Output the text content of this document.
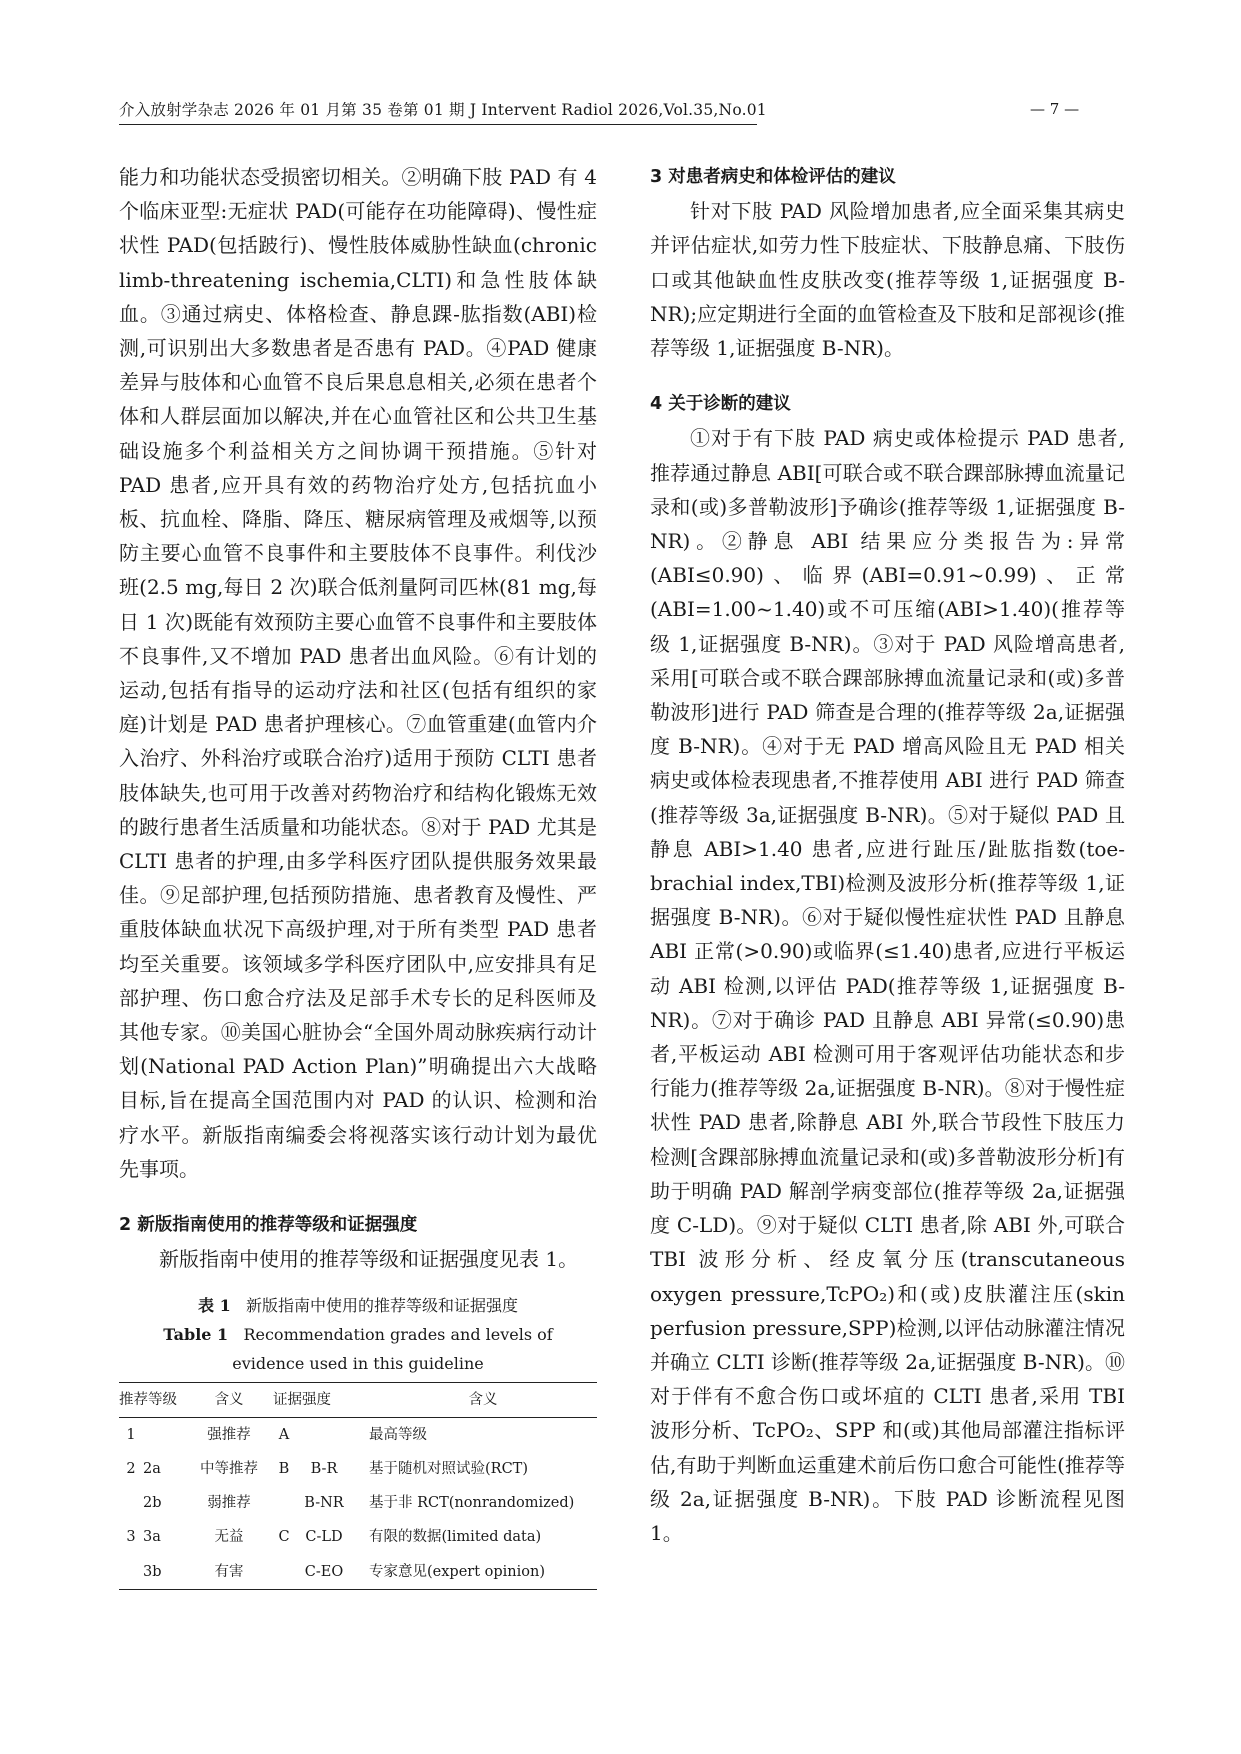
介入放射学杂志 2026 年 01 月第 35 卷第 01 期 J Intervent Radiol 2026,Vol.35,No.01	— 7 —

能力和功能状态受损密切相关。②明确下肢 PAD 有 4 个临床亚型:无症状 PAD(可能存在功能障碍)、慢性症状性 PAD(包括跛行)、慢性肢体威胁性缺血(chronic limb-threatening ischemia,CLTI)和急性肢体缺血。③通过病史、体格检查、静息踝-肱指数(ABI)检测,可识别出大多数患者是否患有 PAD。④PAD 健康差异与肢体和心血管不良后果息息相关,必须在患者个体和人群层面加以解决,并在心血管社区和公共卫生基础设施多个利益相关方之间协调干预措施。⑤针对 PAD 患者,应开具有效的药物治疗处方,包括抗血小板、抗血栓、降脂、降压、糖尿病管理及戒烟等,以预防主要心血管不良事件和主要肢体不良事件。利伐沙班(2.5 mg,每日 2 次)联合低剂量阿司匹林(81 mg,每日 1 次)既能有效预防主要心血管不良事件和主要肢体不良事件,又不增加 PAD 患者出血风险。⑥有计划的运动,包括有指导的运动疗法和社区(包括有组织的家庭)计划是 PAD 患者护理核心。⑦血管重建(血管内介入治疗、外科治疗或联合治疗)适用于预防 CLTI 患者肢体缺失,也可用于改善对药物治疗和结构化锻炼无效的跛行患者生活质量和功能状态。⑧对于 PAD 尤其是 CLTI 患者的护理,由多学科医疗团队提供服务效果最佳。⑨足部护理,包括预防措施、患者教育及慢性、严重肢体缺血状况下高级护理,对于所有类型 PAD 患者均至关重要。该领域多学科医疗团队中,应安排具有足部护理、伤口愈合疗法及足部手术专长的足科医师及其他专家。⑩美国心脏协会“全国外周动脉疾病行动计划(National PAD Action Plan)”明确提出六大战略目标,旨在提高全国范围内对 PAD 的认识、检测和治疗水平。新版指南编委会将视落实该行动计划为最优先事项。

2 新版指南使用的推荐等级和证据强度

新版指南中使用的推荐等级和证据强度见表 1。

表 1 新版指南中使用的推荐等级和证据强度
Table 1 Recommendation grades and levels of evidence used in this guideline
推荐等级		含义	证据强度		含义
1		强推荐	A		最高等级
2	2a	中等推荐	B	B-R	基于随机对照试验(RCT)
	2b	弱推荐		B-NR	基于非 RCT(nonrandomized)
3	3a	无益	C	C-LD	有限的数据(limited data)
	3b	有害		C-EO	专家意见(expert opinion)
3 对患者病史和体检评估的建议

针对下肢 PAD 风险增加患者,应全面采集其病史并评估症状,如劳力性下肢症状、下肢静息痛、下肢伤口或其他缺血性皮肤改变(推荐等级 1,证据强度 B-NR);应定期进行全面的血管检查及下肢和足部视诊(推荐等级 1,证据强度 B-NR)。

4 关于诊断的建议

①对于有下肢 PAD 病史或体检提示 PAD 患者,推荐通过静息 ABI[可联合或不联合踝部脉搏血流量记录和(或)多普勒波形]予确诊(推荐等级 1,证据强度 B-NR)。②静息 ABI 结果应分类报告为:异常(ABI≤0.90)、临界(ABI=0.91~0.99)、正常(ABI=1.00~1.40)或不可压缩(ABI>1.40)(推荐等级 1,证据强度 B-NR)。③对于 PAD 风险增高患者,采用[可联合或不联合踝部脉搏血流量记录和(或)多普勒波形]进行 PAD 筛查是合理的(推荐等级 2a,证据强度 B-NR)。④对于无 PAD 增高风险且无 PAD 相关病史或体检表现患者,不推荐使用 ABI 进行 PAD 筛查(推荐等级 3a,证据强度 B-NR)。⑤对于疑似 PAD 且静息 ABI>1.40 患者,应进行趾压/趾肱指数(toe-brachial index,TBI)检测及波形分析(推荐等级 1,证据强度 B-NR)。⑥对于疑似慢性症状性 PAD 且静息 ABI 正常(>0.90)或临界(≤1.40)患者,应进行平板运动 ABI 检测,以评估 PAD(推荐等级 1,证据强度 B-NR)。⑦对于确诊 PAD 且静息 ABI 异常(≤0.90)患者,平板运动 ABI 检测可用于客观评估功能状态和步行能力(推荐等级 2a,证据强度 B-NR)。⑧对于慢性症状性 PAD 患者,除静息 ABI 外,联合节段性下肢压力检测[含踝部脉搏血流量记录和(或)多普勒波形分析]有助于明确 PAD 解剖学病变部位(推荐等级 2a,证据强度 C-LD)。⑨对于疑似 CLTI 患者,除 ABI 外,可联合 TBI 波形分析、经皮氧分压(transcutaneous oxygen pressure,TcPO₂)和(或)皮肤灌注压(skin perfusion pressure,SPP)检测,以评估动脉灌注情况并确立 CLTI 诊断(推荐等级 2a,证据强度 B-NR)。⑩对于伴有不愈合伤口或坏疽的 CLTI 患者,采用 TBI 波形分析、TcPO₂、SPP 和(或)其他局部灌注指标评估,有助于判断血运重建术前后伤口愈合可能性(推荐等级 2a,证据强度 B-NR)。下肢 PAD 诊断流程见图 1。
